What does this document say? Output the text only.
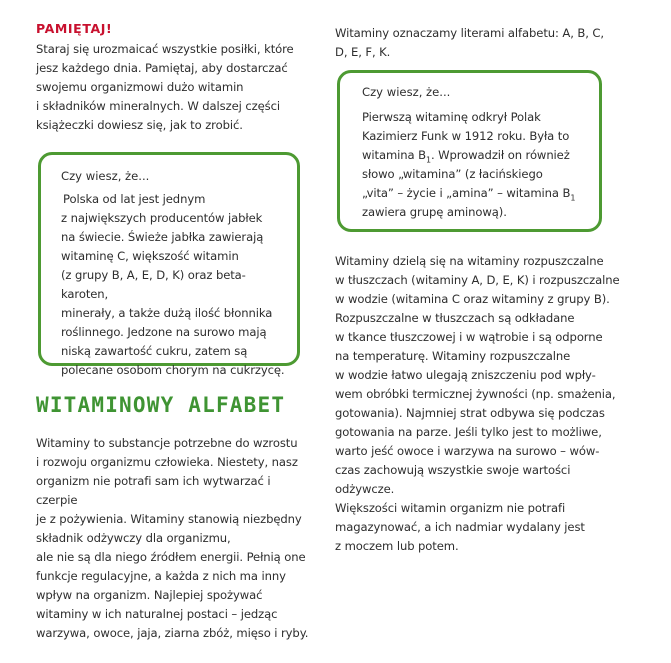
PAMIĘTAJ!

Staraj się urozmaicać wszystkie posiłki, które

jesz każdego dnia. Pamiętaj, aby dostarczać

swojemu organizmowi dużo witamin

i składników mineralnych. W dalszej części

książeczki dowiesz się, jak to zrobić.

Czy wiesz, że...

Polska od lat jest jednym

z największych producentów jabłek

na świecie. Świeże jabłka zawierają

witaminę C, większość witamin

(z grupy B, A, E, D, K) oraz beta-karoten,

minerały, a także dużą ilość błonnika

roślinnego. Jedzone na surowo mają

niską zawartość cukru, zatem są

polecane osobom chorym na cukrzycę.

WITAMINOWY ALFABET

Witaminy to substancje potrzebne do wzrostu

i rozwoju organizmu człowieka. Niestety, nasz

organizm nie potrafi sam ich wytwarzać i czerpie

je z pożywienia. Witaminy stanowią niezbędny

składnik odżywczy dla organizmu,

ale nie są dla niego źródłem energii. Pełnią one

funkcje regulacyjne, a każda z nich ma inny

wpływ na organizm. Najlepiej spożywać

witaminy w ich naturalnej postaci – jedząc

warzywa, owoce, jaja, ziarna zbóż, mięso i ryby.

Witaminy oznaczamy literami alfabetu: A, B, C,

D, E, F, K.

Czy wiesz, że...

Pierwszą witaminę odkrył Polak

Kazimierz Funk w 1912 roku. Była to

witamina $B_1$. Wprowadził on również

słowo „witamina” (z łacińskiego

„vita” – życie i „amina” – witamina $B_1$

zawiera grupę aminową).

Witaminy dzielą się na witaminy rozpuszczalne

w tłuszczach (witaminy A, D, E, K) i rozpuszczalne

w wodzie (witamina C oraz witaminy z grupy B).

Rozpuszczalne w tłuszczach są odkładane

w tkance tłuszczowej i w wątrobie i są odporne

na temperaturę. Witaminy rozpuszczalne

w wodzie łatwo ulegają zniszczeniu pod wpły-

wem obróbki termicznej żywności (np. smażenia,

gotowania). Najmniej strat odbywa się podczas

gotowania na parze. Jeśli tylko jest to możliwe,

warto jeść owoce i warzywa na surowo – wów-

czas zachowują wszystkie swoje wartości

odżywcze.

Większości witamin organizm nie potrafi

magazynować, a ich nadmiar wydalany jest

z moczem lub potem.
